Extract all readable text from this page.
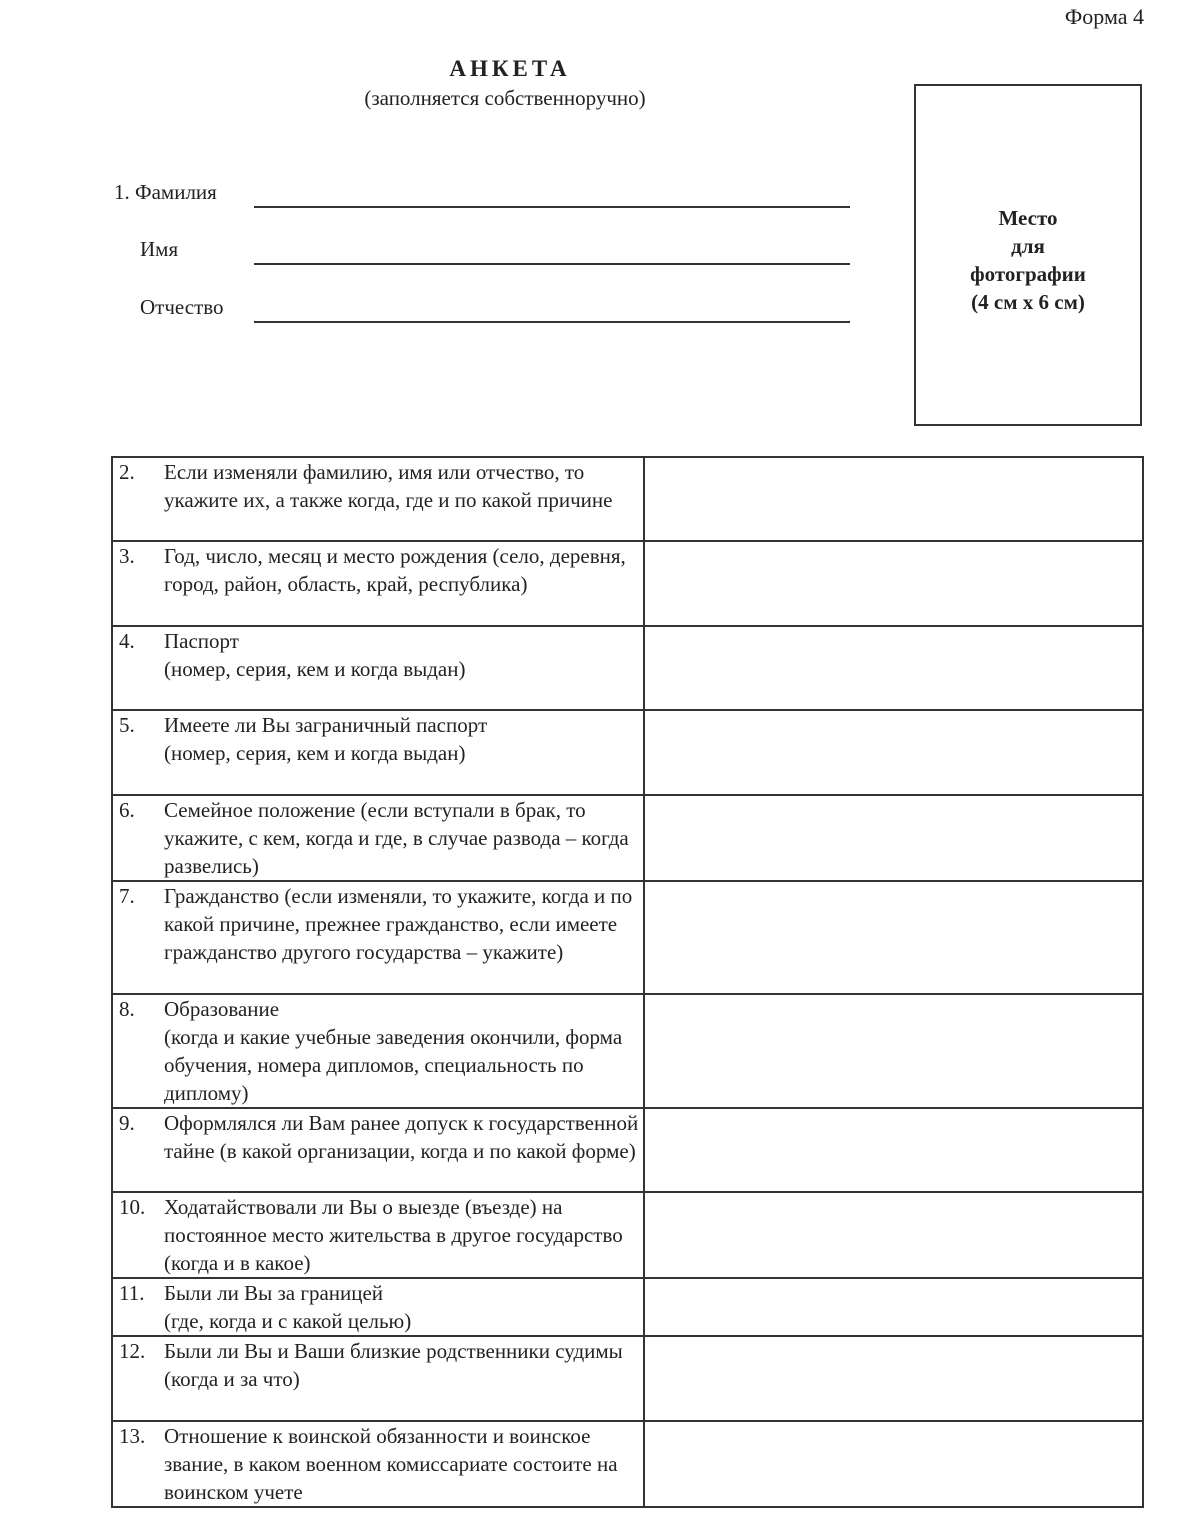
Форма 4
АНКЕТА
(заполняется собственноручно)
1. Фамилия
Имя
Отчество
Место
для
фотографии
(4 см х 6 см)
2.	Если изменяли фамилию, имя или отчество, то укажите их, а также когда, где и по какой причине	
3.	Год, число, месяц и место рождения (село, деревня, город, район, область, край, республика)	
4.	Паспорт
(номер, серия, кем и когда выдан)	
5.	Имеете ли Вы заграничный паспорт
(номер, серия, кем и когда выдан)	
6.	Семейное положение (если вступали в брак, то укажите, с кем, когда и где, в случае развода – когда развелись)	
7.	Гражданство (если изменяли, то укажите, когда и по какой причине, прежнее гражданство, если имеете гражданство другого государства – укажите)	
8.	Образование
(когда и какие учебные заведения окончили, форма обучения, номера дипломов, специальность по диплому)	
9.	Оформлялся ли Вам ранее допуск к государственной тайне (в какой организации, когда и по какой форме)	
10.	Ходатайствовали ли Вы о выезде (въезде) на постоянное место жительства в другое государство (когда и в какое)	
11.	Были ли Вы за границей
(где, когда и с какой целью)	
12.	Были ли Вы и Ваши близкие родственники судимы (когда и за что)	
13.	Отношение к воинской обязанности и воинское звание, в каком военном комиссариате состоите на воинском учете	
